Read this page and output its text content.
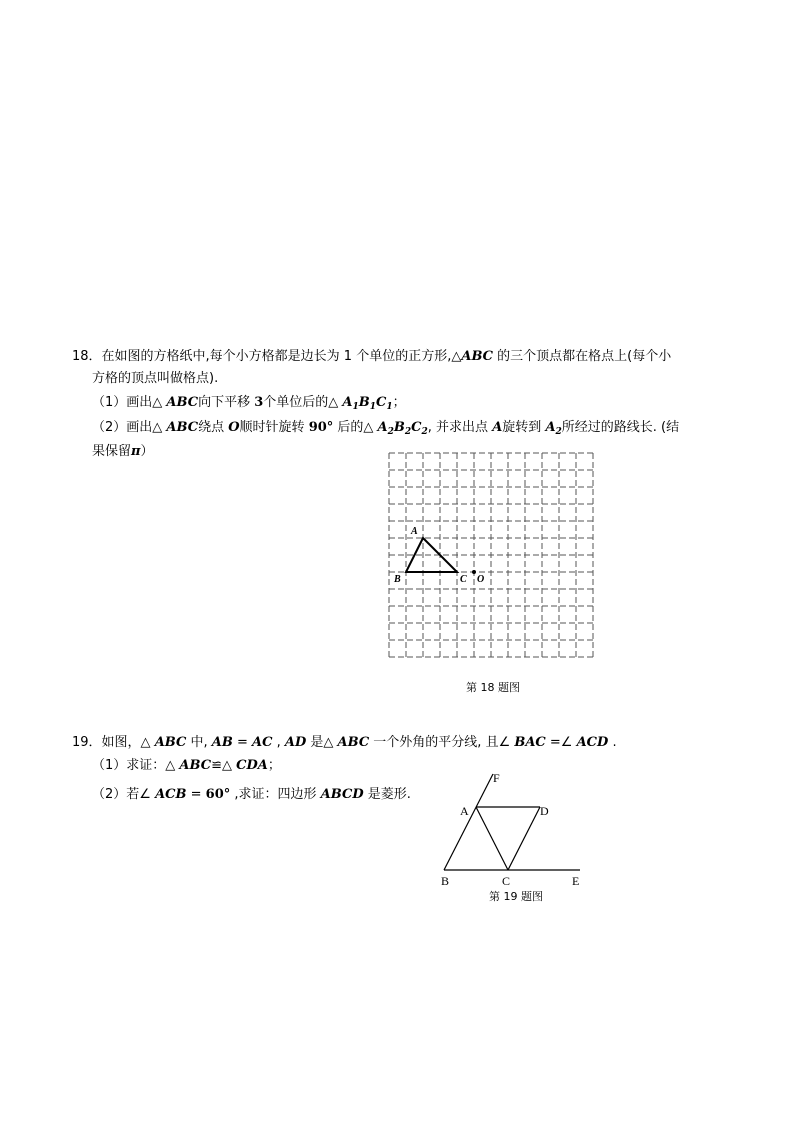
18．在如图的方格纸中,每个小方格都是边长为 1 个单位的正方形,△ABC 的三个顶点都在格点上(每个小
方格的顶点叫做格点).
（1）画出△ ABC向下平移 3个单位后的△ $A_1B_1C_1$；
（2）画出△ ABC绕点 O顺时针旋转 90° 后的△ $A_2B_2C_2$, 并求出点 A旋转到 $A_2$所经过的路线长. (结
果保留π）
A
B	C O
第 18 题图
19．如图，△ ABC 中, AB = AC , AD 是△ ABC 一个外角的平分线, 且∠ BAC =∠ ACD .
（1）求证：△ ABC≌△ CDA；
（2）若∠ ACB = 60° ,求证：四边形 ABCD 是菱形.
F
A	D
B	C	E
第 19 题图
